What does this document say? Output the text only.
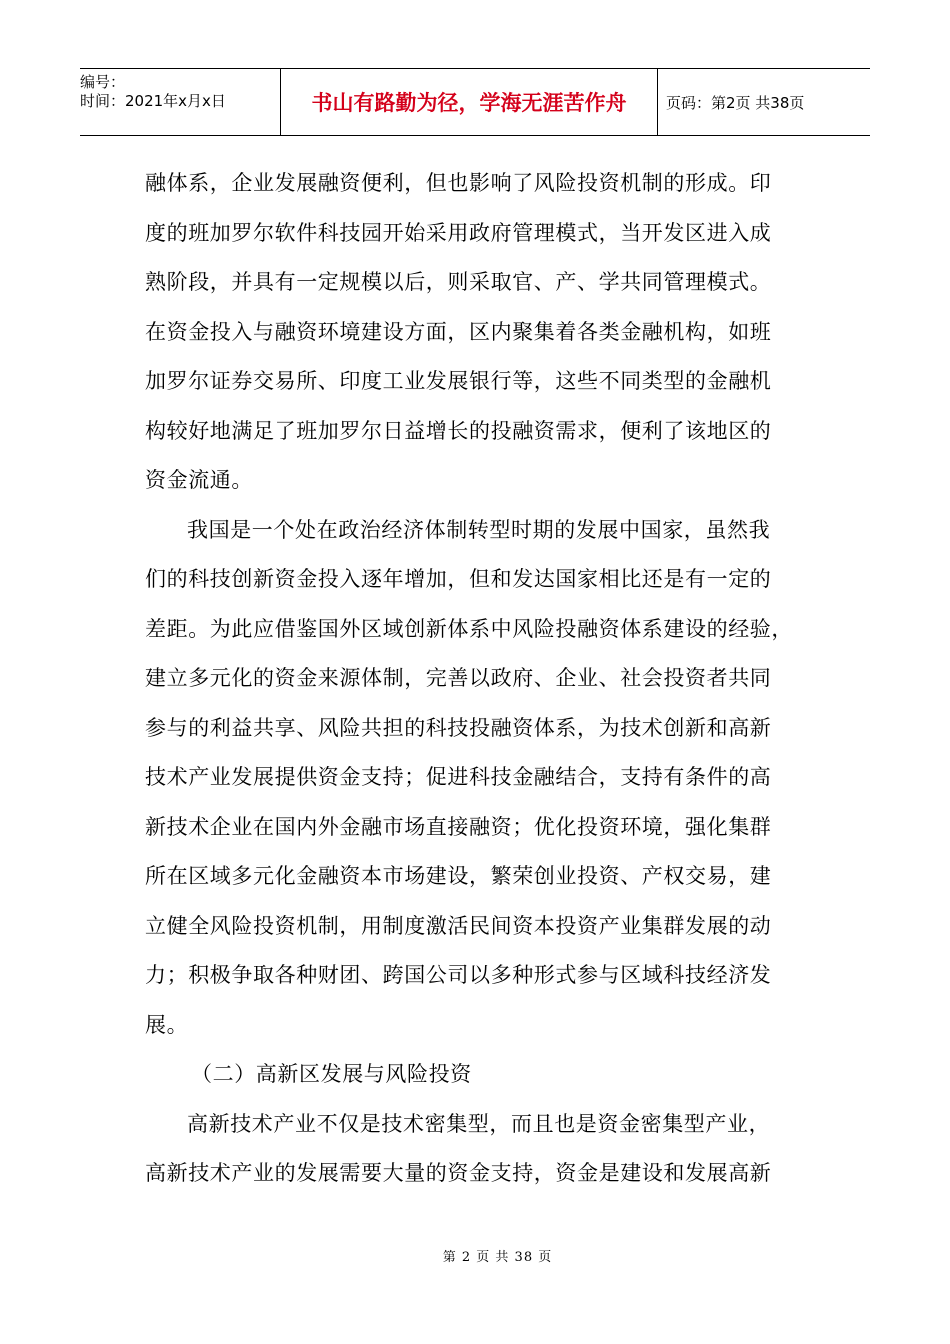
编号：
时间：2021年x月x日	书山有路勤为径，学海无涯苦作舟	页码：第2页 共38页
融体系，企业发展融资便利，但也影响了风险投资机制的形成。印
度的班加罗尔软件科技园开始采用政府管理模式，当开发区进入成
熟阶段，并具有一定规模以后，则采取官、产、学共同管理模式。
在资金投入与融资环境建设方面，区内聚集着各类金融机构，如班
加罗尔证券交易所、印度工业发展银行等，这些不同类型的金融机
构较好地满足了班加罗尔日益增长的投融资需求，便利了该地区的
资金流通。
我国是一个处在政治经济体制转型时期的发展中国家，虽然我
们的科技创新资金投入逐年增加，但和发达国家相比还是有一定的
差距。为此应借鉴国外区域创新体系中风险投融资体系建设的经验，
建立多元化的资金来源体制，完善以政府、企业、社会投资者共同
参与的利益共享、风险共担的科技投融资体系，为技术创新和高新
技术产业发展提供资金支持；促进科技金融结合，支持有条件的高
新技术企业在国内外金融市场直接融资；优化投资环境，强化集群
所在区域多元化金融资本市场建设，繁荣创业投资、产权交易，建
立健全风险投资机制，用制度激活民间资本投资产业集群发展的动
力；积极争取各种财团、跨国公司以多种形式参与区域科技经济发
展。
（二）高新区发展与风险投资
高新技术产业不仅是技术密集型，而且也是资金密集型产业，
高新技术产业的发展需要大量的资金支持，资金是建设和发展高新
第 2 页 共 38 页
